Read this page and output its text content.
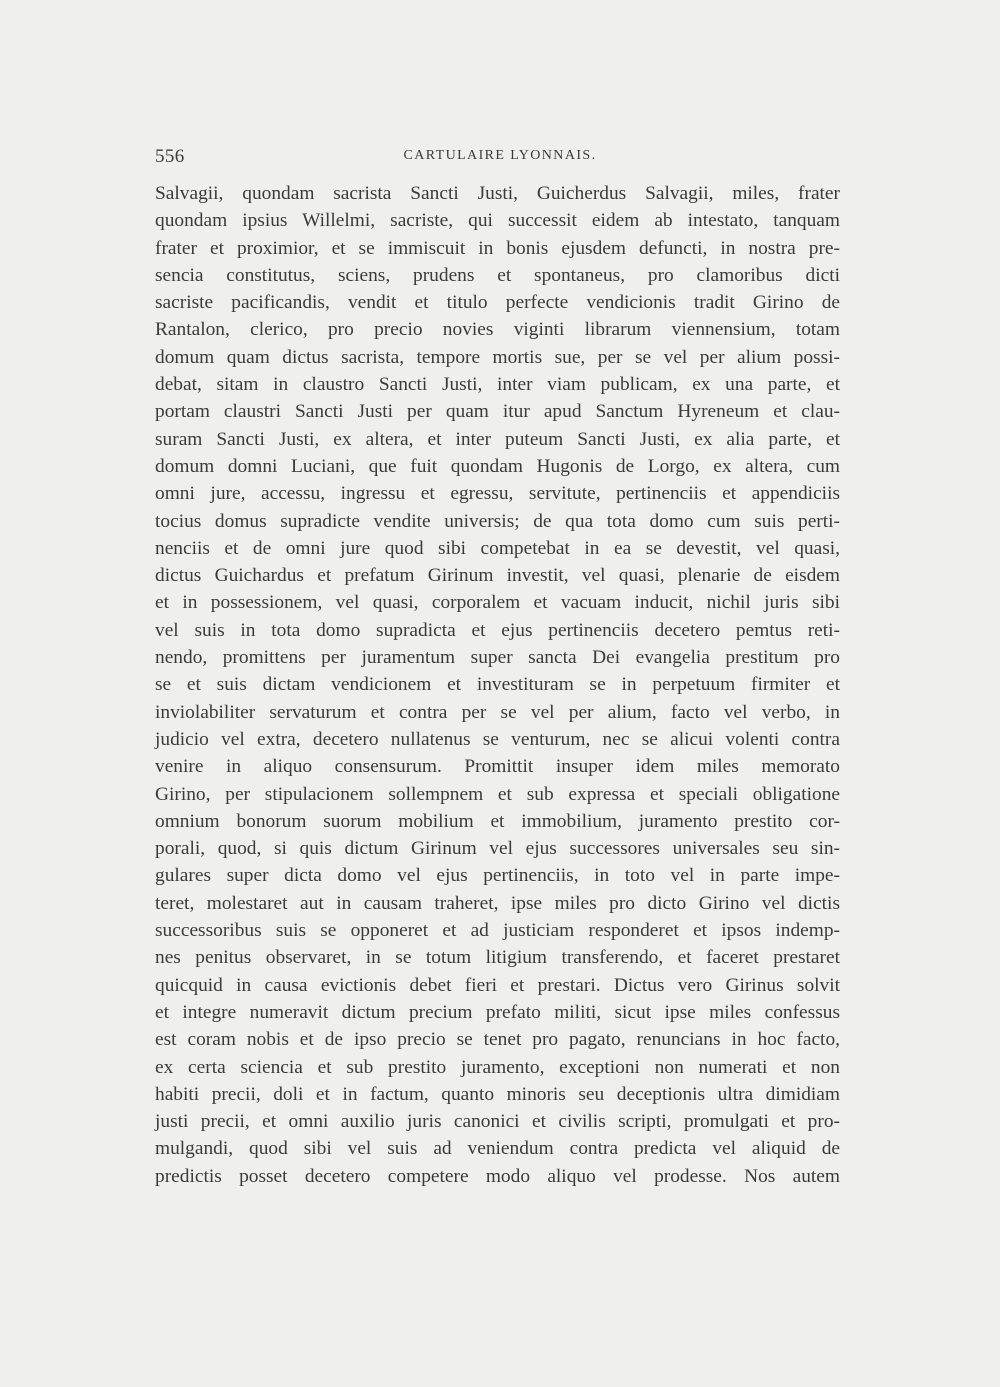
556	CARTULAIRE LYONNAIS.
Salvagii, quondam sacrista Sancti Justi, Guicherdus Salvagii, miles, frater
quondam ipsius Willelmi, sacriste, qui successit eidem ab intestato, tanquam
frater et proximior, et se immiscuit in bonis ejusdem defuncti, in nostra pre-
sencia constitutus, sciens, prudens et spontaneus, pro clamoribus dicti
sacriste pacificandis, vendit et titulo perfecte vendicionis tradit Girino de
Rantalon, clerico, pro precio novies viginti librarum viennensium, totam
domum quam dictus sacrista, tempore mortis sue, per se vel per alium possi-
debat, sitam in claustro Sancti Justi, inter viam publicam, ex una parte, et
portam claustri Sancti Justi per quam itur apud Sanctum Hyreneum et clau-
suram Sancti Justi, ex altera, et inter puteum Sancti Justi, ex alia parte, et
domum domni Luciani, que fuit quondam Hugonis de Lorgo, ex altera, cum
omni jure, accessu, ingressu et egressu, servitute, pertinenciis et appendiciis
tocius domus supradicte vendite universis; de qua tota domo cum suis perti-
nenciis et de omni jure quod sibi competebat in ea se devestit, vel quasi,
dictus Guichardus et prefatum Girinum investit, vel quasi, plenarie de eisdem
et in possessionem, vel quasi, corporalem et vacuam inducit, nichil juris sibi
vel suis in tota domo supradicta et ejus pertinenciis decetero pemtus reti-
nendo, promittens per juramentum super sancta Dei evangelia prestitum pro
se et suis dictam vendicionem et investituram se in perpetuum firmiter et
inviolabiliter servaturum et contra per se vel per alium, facto vel verbo, in
judicio vel extra, decetero nullatenus se venturum, nec se alicui volenti contra
venire in aliquo consensurum. Promittit insuper idem miles memorato
Girino, per stipulacionem sollempnem et sub expressa et speciali obligatione
omnium bonorum suorum mobilium et immobilium, juramento prestito cor-
porali, quod, si quis dictum Girinum vel ejus successores universales seu sin-
gulares super dicta domo vel ejus pertinenciis, in toto vel in parte impe-
teret, molestaret aut in causam traheret, ipse miles pro dicto Girino vel dictis
successoribus suis se opponeret et ad justiciam responderet et ipsos indemp-
nes penitus observaret, in se totum litigium transferendo, et faceret prestaret
quicquid in causa evictionis debet fieri et prestari. Dictus vero Girinus solvit
et integre numeravit dictum precium prefato militi, sicut ipse miles confessus
est coram nobis et de ipso precio se tenet pro pagato, renuncians in hoc facto,
ex certa sciencia et sub prestito juramento, exceptioni non numerati et non
habiti precii, doli et in factum, quanto minoris seu deceptionis ultra dimidiam
justi precii, et omni auxilio juris canonici et civilis scripti, promulgati et pro-
mulgandi, quod sibi vel suis ad veniendum contra predicta vel aliquid de
predictis posset decetero competere modo aliquo vel prodesse. Nos autem
